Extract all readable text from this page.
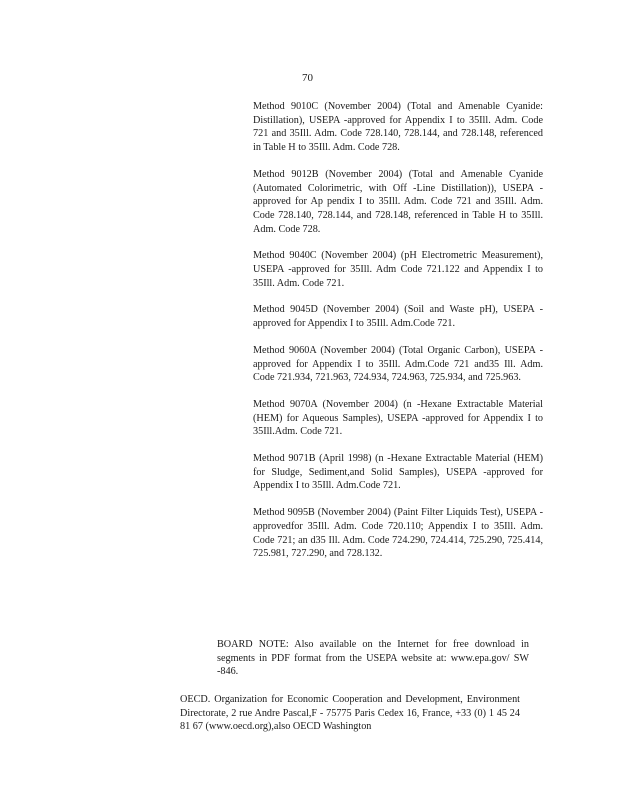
70

Method 9010C (November 2004) (Total and Amenable Cyanide: Distillation), USEPA -approved for Appendix I to 35Ill. Adm. Code 721 and 35Ill. Adm. Code 728.140, 728.144, and 728.148, referenced in Table H to 35Ill. Adm. Code 728.

Method 9012B (November 2004) (Total and Amenable Cyanide (Automated Colorimetric, with Off -Line Distillation)), USEPA -approved for Ap pendix I to 35Ill. Adm. Code 721 and 35Ill. Adm. Code 728.140, 728.144, and 728.148, referenced in Table H to 35Ill. Adm. Code 728.

Method 9040C (November 2004) (pH Electrometric Measurement), USEPA -approved for 35Ill. Adm Code 721.122 and Appendix I to 35Ill. Adm. Code 721.

Method 9045D (November 2004) (Soil and Waste pH), USEPA -approved for Appendix I to 35Ill. Adm.Code 721.

Method 9060A (November 2004) (Total Organic Carbon), USEPA -approved for Appendix I to 35Ill. Adm.Code 721 and35 Ill. Adm. Code 721.934, 721.963, 724.934, 724.963, 725.934, and 725.963.

Method 9070A (November 2004) (n -Hexane Extractable Material (HEM) for Aqueous Samples), USEPA -approved for Appendix I to 35Ill.Adm. Code 721.

Method 9071B (April 1998) (n -Hexane Extractable Material (HEM) for Sludge, Sediment,and Solid Samples), USEPA -approved for Appendix I to 35Ill. Adm.Code 721.

Method 9095B (November 2004) (Paint Filter Liquids Test), USEPA -approvedfor 35Ill. Adm. Code 720.110; Appendix I to 35Ill. Adm. Code 721; an d35 Ill. Adm. Code 724.290, 724.414, 725.290, 725.414, 725.981, 727.290, and 728.132.

BOARD NOTE: Also available on the Internet for free download in segments in PDF format from the USEPA website at: www.epa.gov/ SW -846.

OECD. Organization for Economic Cooperation and Development, Environment Directorate, 2 rue Andre Pascal,F - 75775 Paris Cedex 16, France, +33 (0) 1 45 24 81 67 (www.oecd.org),also OECD Washington
